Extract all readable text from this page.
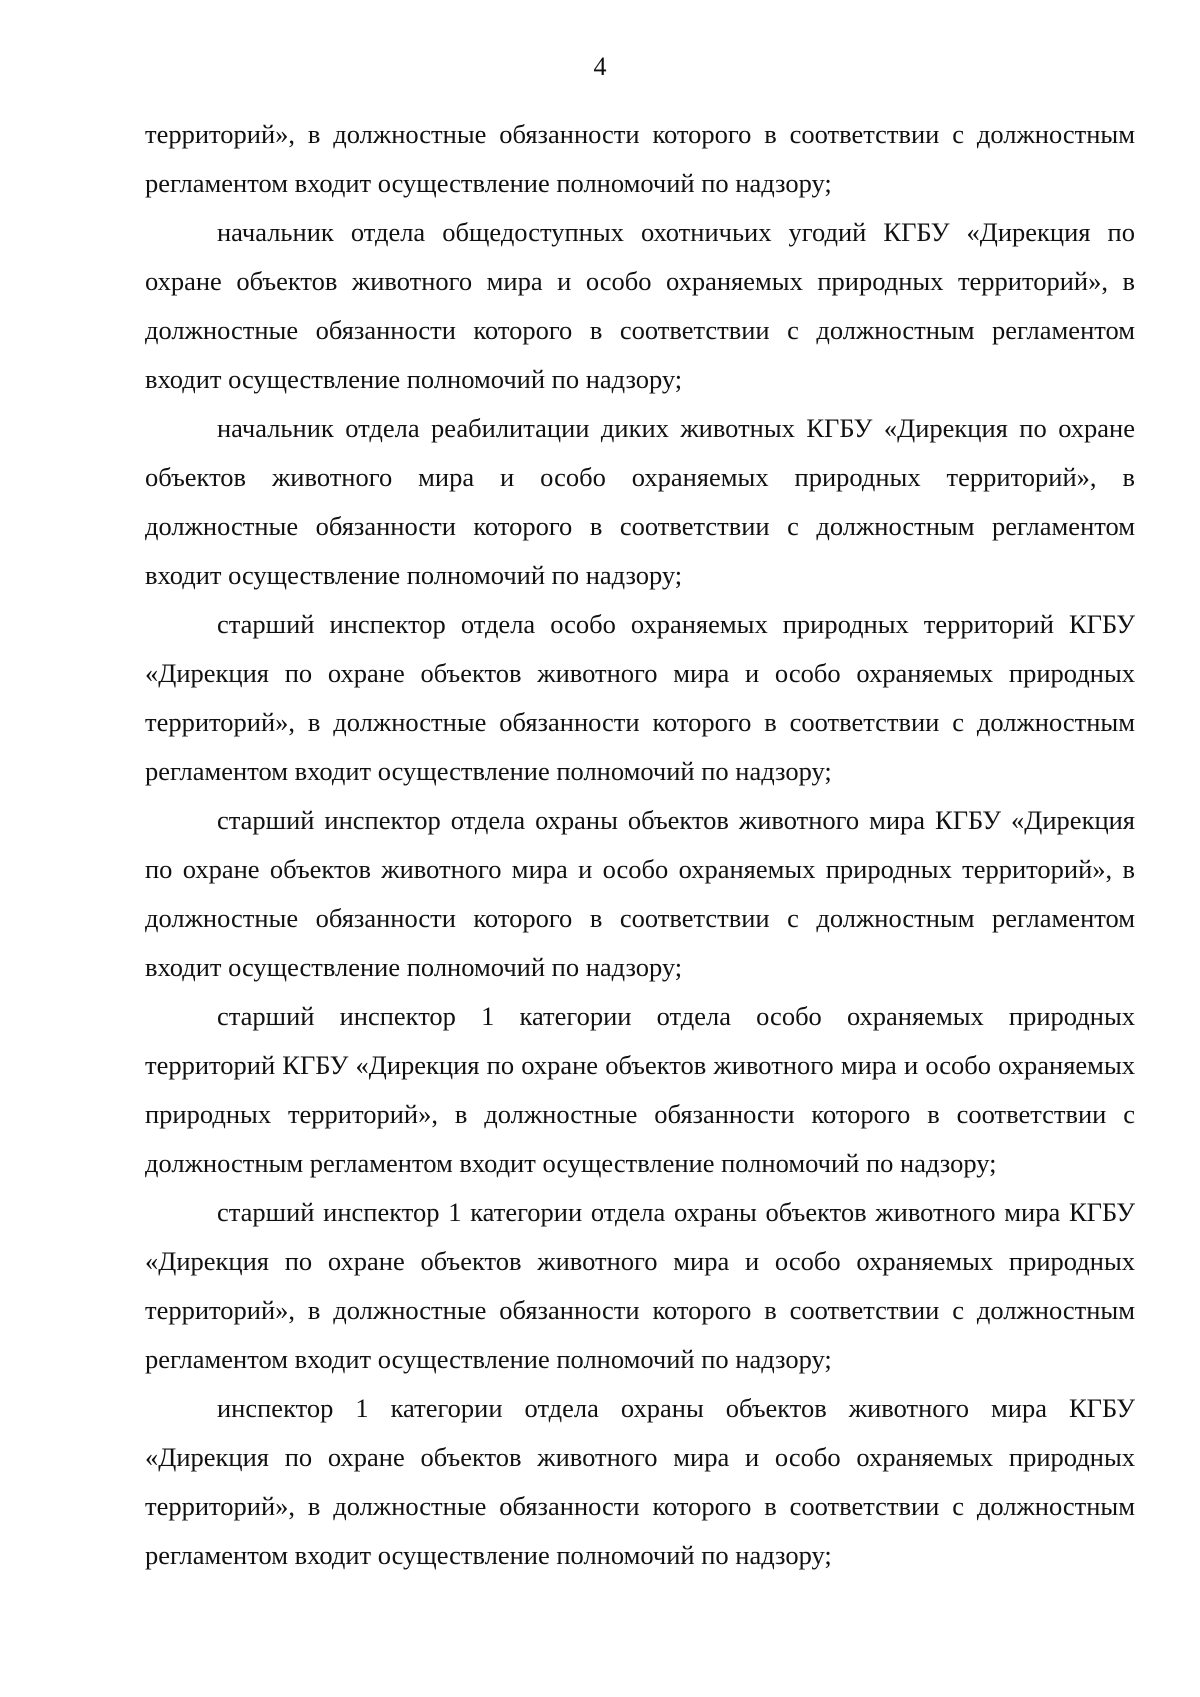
4

территорий», в должностные обязанности которого в соответствии с должностным регламентом входит осуществление полномочий по надзору;

начальник отдела общедоступных охотничьих угодий КГБУ «Дирекция по охране объектов животного мира и особо охраняемых природных территорий», в должностные обязанности которого в соответствии с должностным регламентом входит осуществление полномочий по надзору;

начальник отдела реабилитации диких животных КГБУ «Дирекция по охране объектов животного мира и особо охраняемых природных территорий», в должностные обязанности которого в соответствии с должностным регламентом входит осуществление полномочий по надзору;

старший инспектор отдела особо охраняемых природных территорий КГБУ «Дирекция по охране объектов животного мира и особо охраняемых природных территорий», в должностные обязанности которого в соответствии с должностным регламентом входит осуществление полномочий по надзору;

старший инспектор отдела охраны объектов животного мира КГБУ «Дирекция по охране объектов животного мира и особо охраняемых природных территорий», в должностные обязанности которого в соответствии с должностным регламентом входит осуществление полномочий по надзору;

старший инспектор 1 категории отдела особо охраняемых природных территорий КГБУ «Дирекция по охране объектов животного мира и особо охраняемых природных территорий», в должностные обязанности которого в соответствии с должностным регламентом входит осуществление полномочий по надзору;

старший инспектор 1 категории отдела охраны объектов животного мира КГБУ «Дирекция по охране объектов животного мира и особо охраняемых природных территорий», в должностные обязанности которого в соответствии с должностным регламентом входит осуществление полномочий по надзору;

инспектор 1 категории отдела охраны объектов животного мира КГБУ «Дирекция по охране объектов животного мира и особо охраняемых природных территорий», в должностные обязанности которого в соответствии с должностным регламентом входит осуществление полномочий по надзору;
